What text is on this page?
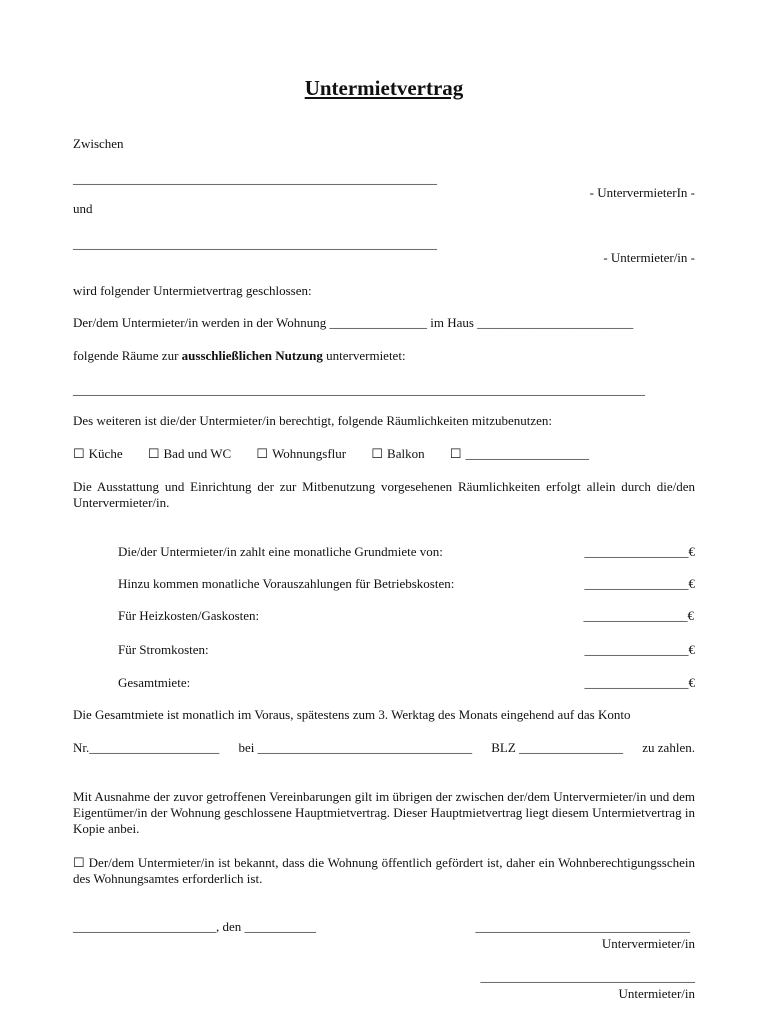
Untermietvertrag
Zwischen
________________________________________________________
- UntervermieterIn -
und
________________________________________________________
- Untermieter/in -
wird folgender Untermietvertrag geschlossen:
Der/dem Untermieter/in werden in der Wohnung _______________ im Haus ________________________
folgende Räume zur ausschließlichen Nutzung untervermietet:
________________________________________________________________________________________
Des weiteren ist die/der Untermieter/in berechtigt, folgende Räumlichkeiten mitzubenutzen:
☐ Küche ☐ Bad und WC ☐ Wohnungsflur ☐ Balkon ☐ ___________________
Die Ausstattung und Einrichtung der zur Mitbenutzung vorgesehenen Räumlichkeiten erfolgt allein durch die/den Untervermieter/in.
Die/der Untermieter/in zahlt eine monatliche Grundmiete von:	________________€
Hinzu kommen monatliche Vorauszahlungen für Betriebskosten:	________________€
Für Heizkosten/Gaskosten:	________________€
Für Stromkosten:	________________€
Gesamtmiete:	________________€
Die Gesamtmiete ist monatlich im Voraus, spätestens zum 3. Werktag des Monats eingehend auf das Konto
Nr.____________________ bei _________________________________ BLZ ________________ zu zahlen.
Mit Ausnahme der zuvor getroffenen Vereinbarungen gilt im übrigen der zwischen der/dem Untervermieter/in und dem Eigentümer/in der Wohnung geschlossene Hauptmietvertrag. Dieser Hauptmietvertrag liegt diesem Untermietvertrag in Kopie anbei.
☐ Der/dem Untermieter/in ist bekannt, dass die Wohnung öffentlich gefördert ist, daher ein Wohnberechtigungsschein des Wohnungsamtes erforderlich ist.
______________________, den ___________	_________________________________
Untervermieter/in
_________________________________
Untermieter/in
